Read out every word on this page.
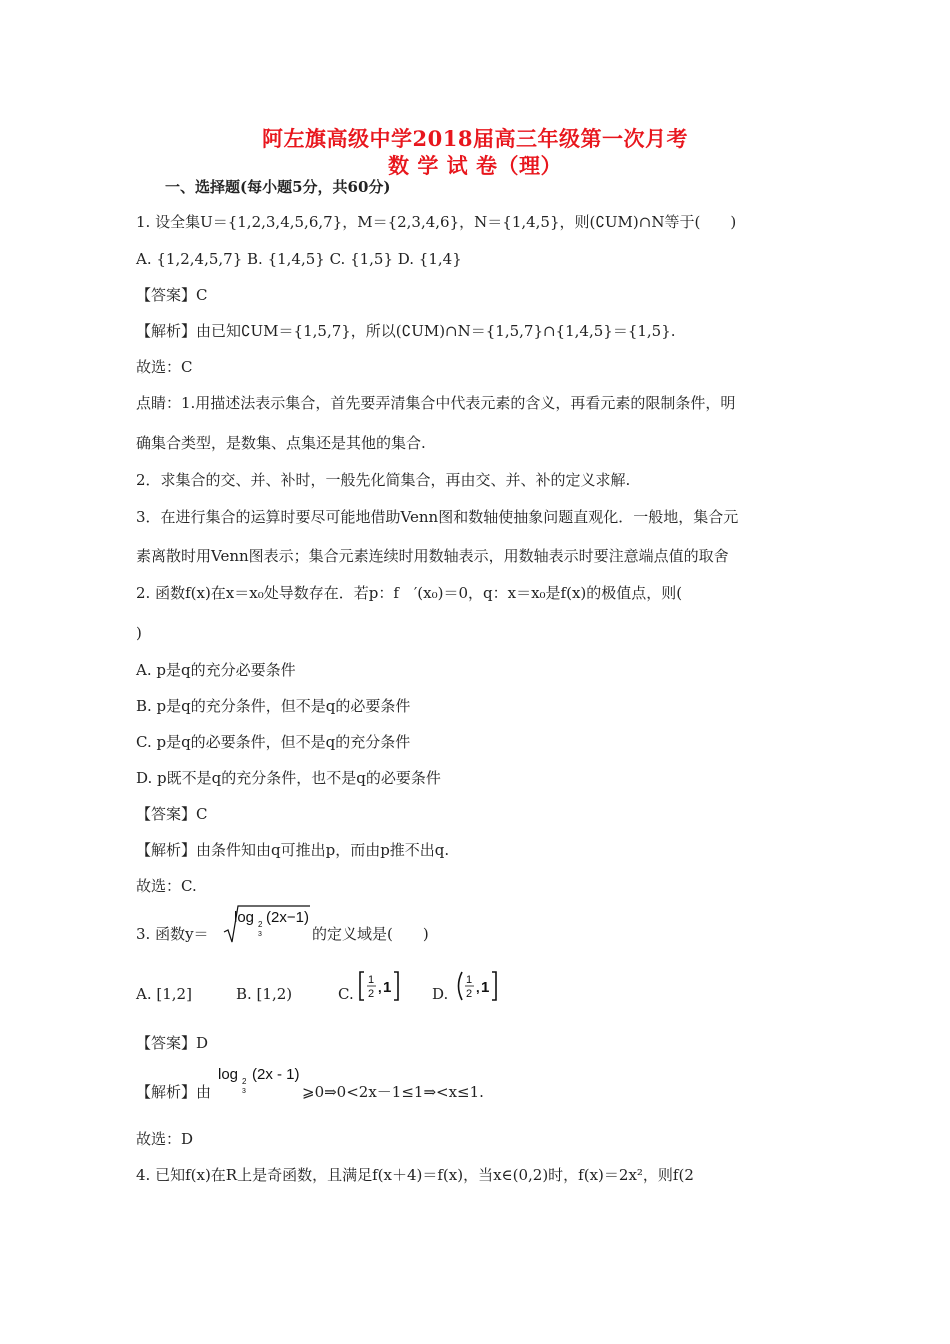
阿左旗高级中学2018届高三年级第一次月考
数 学 试 卷（理）
一、选择题(每小题5分，共60分)
1. 设全集U＝{1,2,3,4,5,6,7}，M＝{2,3,4,6}，N＝{1,4,5}，则(∁UM)∩N等于(　　)
A. {1,2,4,5,7} B. {1,4,5} C. {1,5} D. {1,4}
【答案】C
【解析】由已知∁UM＝{1,5,7}，所以(∁UM)∩N＝{1,5,7}∩{1,4,5}＝{1,5}.
故选：C
点睛：1.用描述法表示集合，首先要弄清集合中代表元素的含义，再看元素的限制条件，明
确集合类型，是数集、点集还是其他的集合.
2．求集合的交、并、补时，一般先化简集合，再由交、并、补的定义求解.
3．在进行集合的运算时要尽可能地借助Venn图和数轴使抽象问题直观化．一般地，集合元
素离散时用Venn图表示；集合元素连续时用数轴表示，用数轴表示时要注意端点值的取舍
2. 函数f(x)在x＝x₀处导数存在．若p：f　′(x₀)＝0，q：x＝x₀是f(x)的极值点，则(
)
A. p是q的充分必要条件
B. p是q的充分条件，但不是q的必要条件
C. p是q的必要条件，但不是q的充分条件
D. p既不是q的充分条件，也不是q的必要条件
【答案】C
【解析】由条件知由q可推出p，而由p推不出q.
故选：C.
3. 函数y＝
log 2
3
(2x−1)
的定义域是(　　)
A. [1,2]	B. [1,2)	C.
1
2 , 1	D.
1
2 , 1
【答案】D
【解析】由
log 2
3
(2x - 1)
⩾0⇒0<2x－1≤1⇒<x≤1.
故选：D
4. 已知f(x)在R上是奇函数，且满足f(x＋4)＝f(x)，当x∈(0,2)时，f(x)＝2x²，则f(2
